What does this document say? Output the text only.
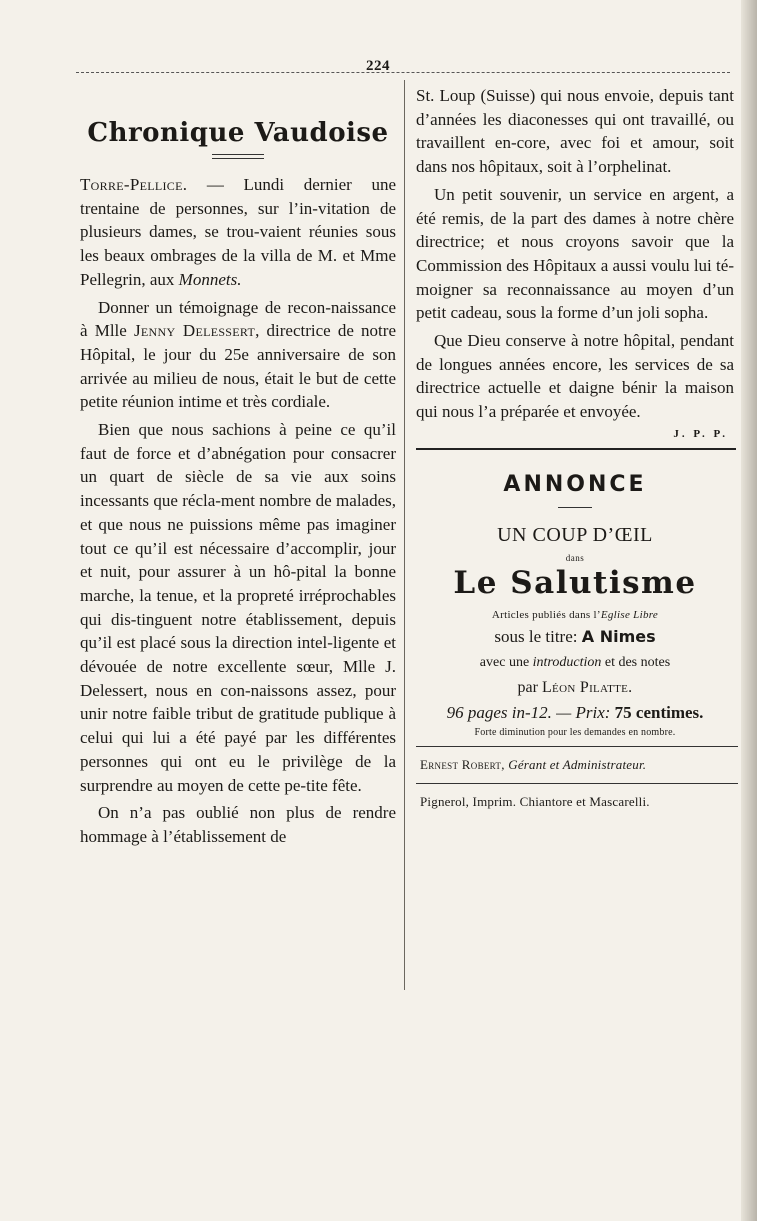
224
Chronique Vaudoise

Torre-Pellice. — Lundi dernier une trentaine de personnes, sur l’in-vitation de plusieurs dames, se trou-vaient réunies sous les beaux ombrages de la villa de M. et Mme Pellegrin, aux Monnets.

Donner un témoignage de recon-naissance à Mlle Jenny Delessert, directrice de notre Hôpital, le jour du 25e anniversaire de son arrivée au milieu de nous, était le but de cette petite réunion intime et très cordiale.

Bien que nous sachions à peine ce qu’il faut de force et d’abnégation pour consacrer un quart de siècle de sa vie aux soins incessants que récla-ment nombre de malades, et que nous ne puissions même pas imaginer tout ce qu’il est nécessaire d’accomplir, jour et nuit, pour assurer à un hô-pital la bonne marche, la tenue, et la propreté irréprochables qui dis-tinguent notre établissement, depuis qu’il est placé sous la direction intel-ligente et dévouée de notre excellente sœur, Mlle J. Delessert, nous en con-naissons assez, pour unir notre faible tribut de gratitude publique à celui qui lui a été payé par les différentes personnes qui ont eu le privilège de la surprendre au moyen de cette pe-tite fête.

On n’a pas oublié non plus de rendre hommage à l’établissement de

St. Loup (Suisse) qui nous envoie, depuis tant d’années les diaconesses qui ont travaillé, ou travaillent en-core, avec foi et amour, soit dans nos hôpitaux, soit à l’orphelinat.

Un petit souvenir, un service en argent, a été remis, de la part des dames à notre chère directrice; et nous croyons savoir que la Commission des Hôpitaux a aussi voulu lui té-moigner sa reconnaissance au moyen d’un petit cadeau, sous la forme d’un joli sopha.

Que Dieu conserve à notre hôpital, pendant de longues années encore, les services de sa directrice actuelle et daigne bénir la maison qui nous l’a préparée et envoyée.

J. P. P.
ANNONCE

UN COUP D’ŒIL

dans

Le Salutisme

Articles publiés dans l’Eglise Libre

sous le titre: A Nimes

avec une introduction et des notes

par Léon Pilatte.

96 pages in-12. — Prix: 75 centimes.

Forte diminution pour les demandes en nombre.

Ernest Robert, Gérant et Administrateur.

Pignerol, Imprim. Chiantore et Mascarelli.
